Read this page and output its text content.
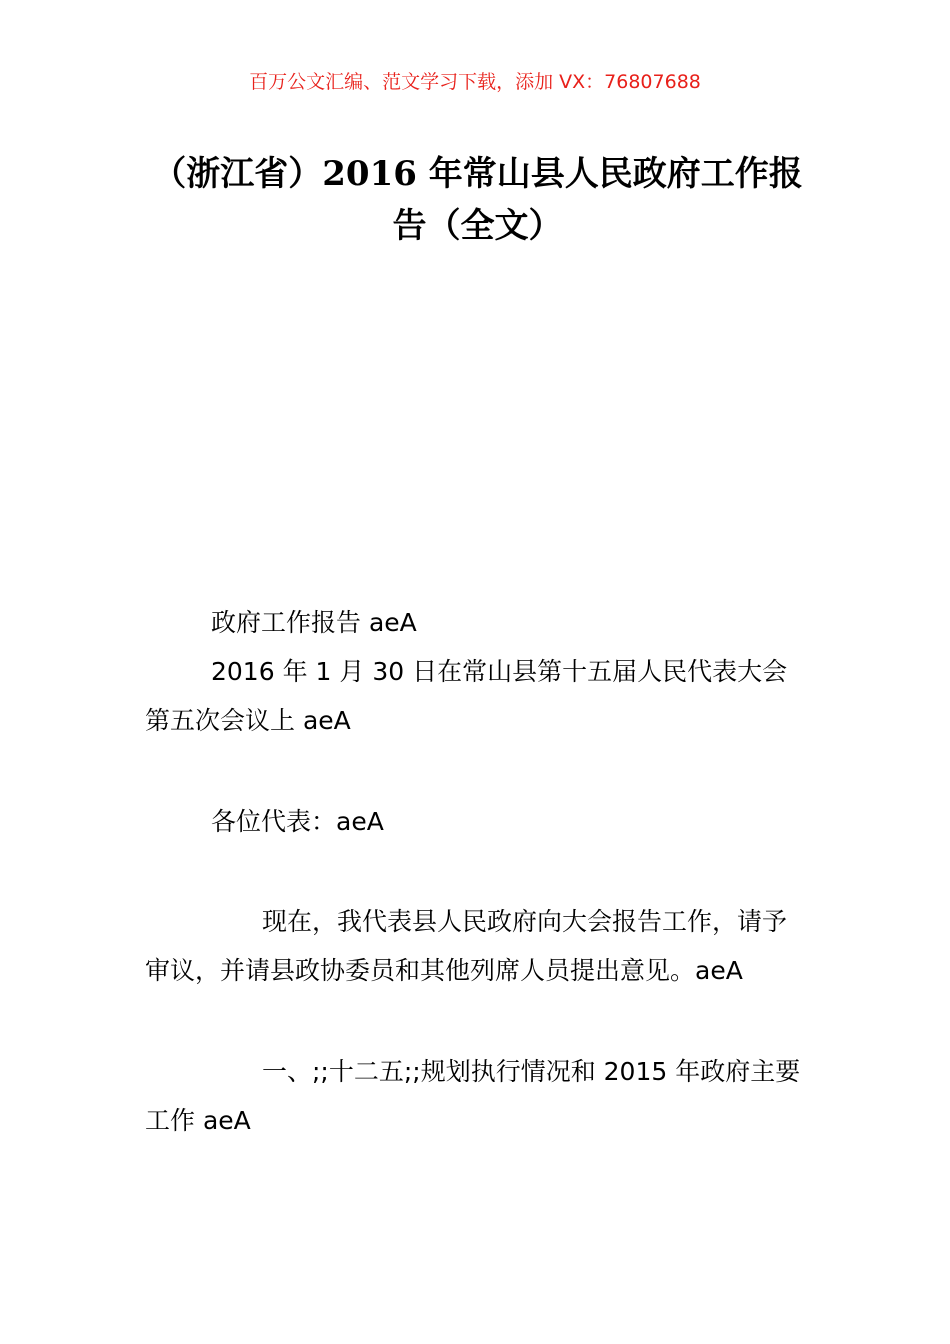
百万公文汇编、范文学习下载，添加 VX：76807688
（浙江省）2016 年常山县人民政府工作报
告（全文）
政府工作报告 aeA
2016 年 1 月 30 日在常山县第十五届人民代表大会
第五次会议上 aeA
各位代表：aeA
现在，我代表县人民政府向大会报告工作，请予
审议，并请县政协委员和其他列席人员提出意见。aeA
一、;;十二五;;规划执行情况和 2015 年政府主要
工作 aeA
